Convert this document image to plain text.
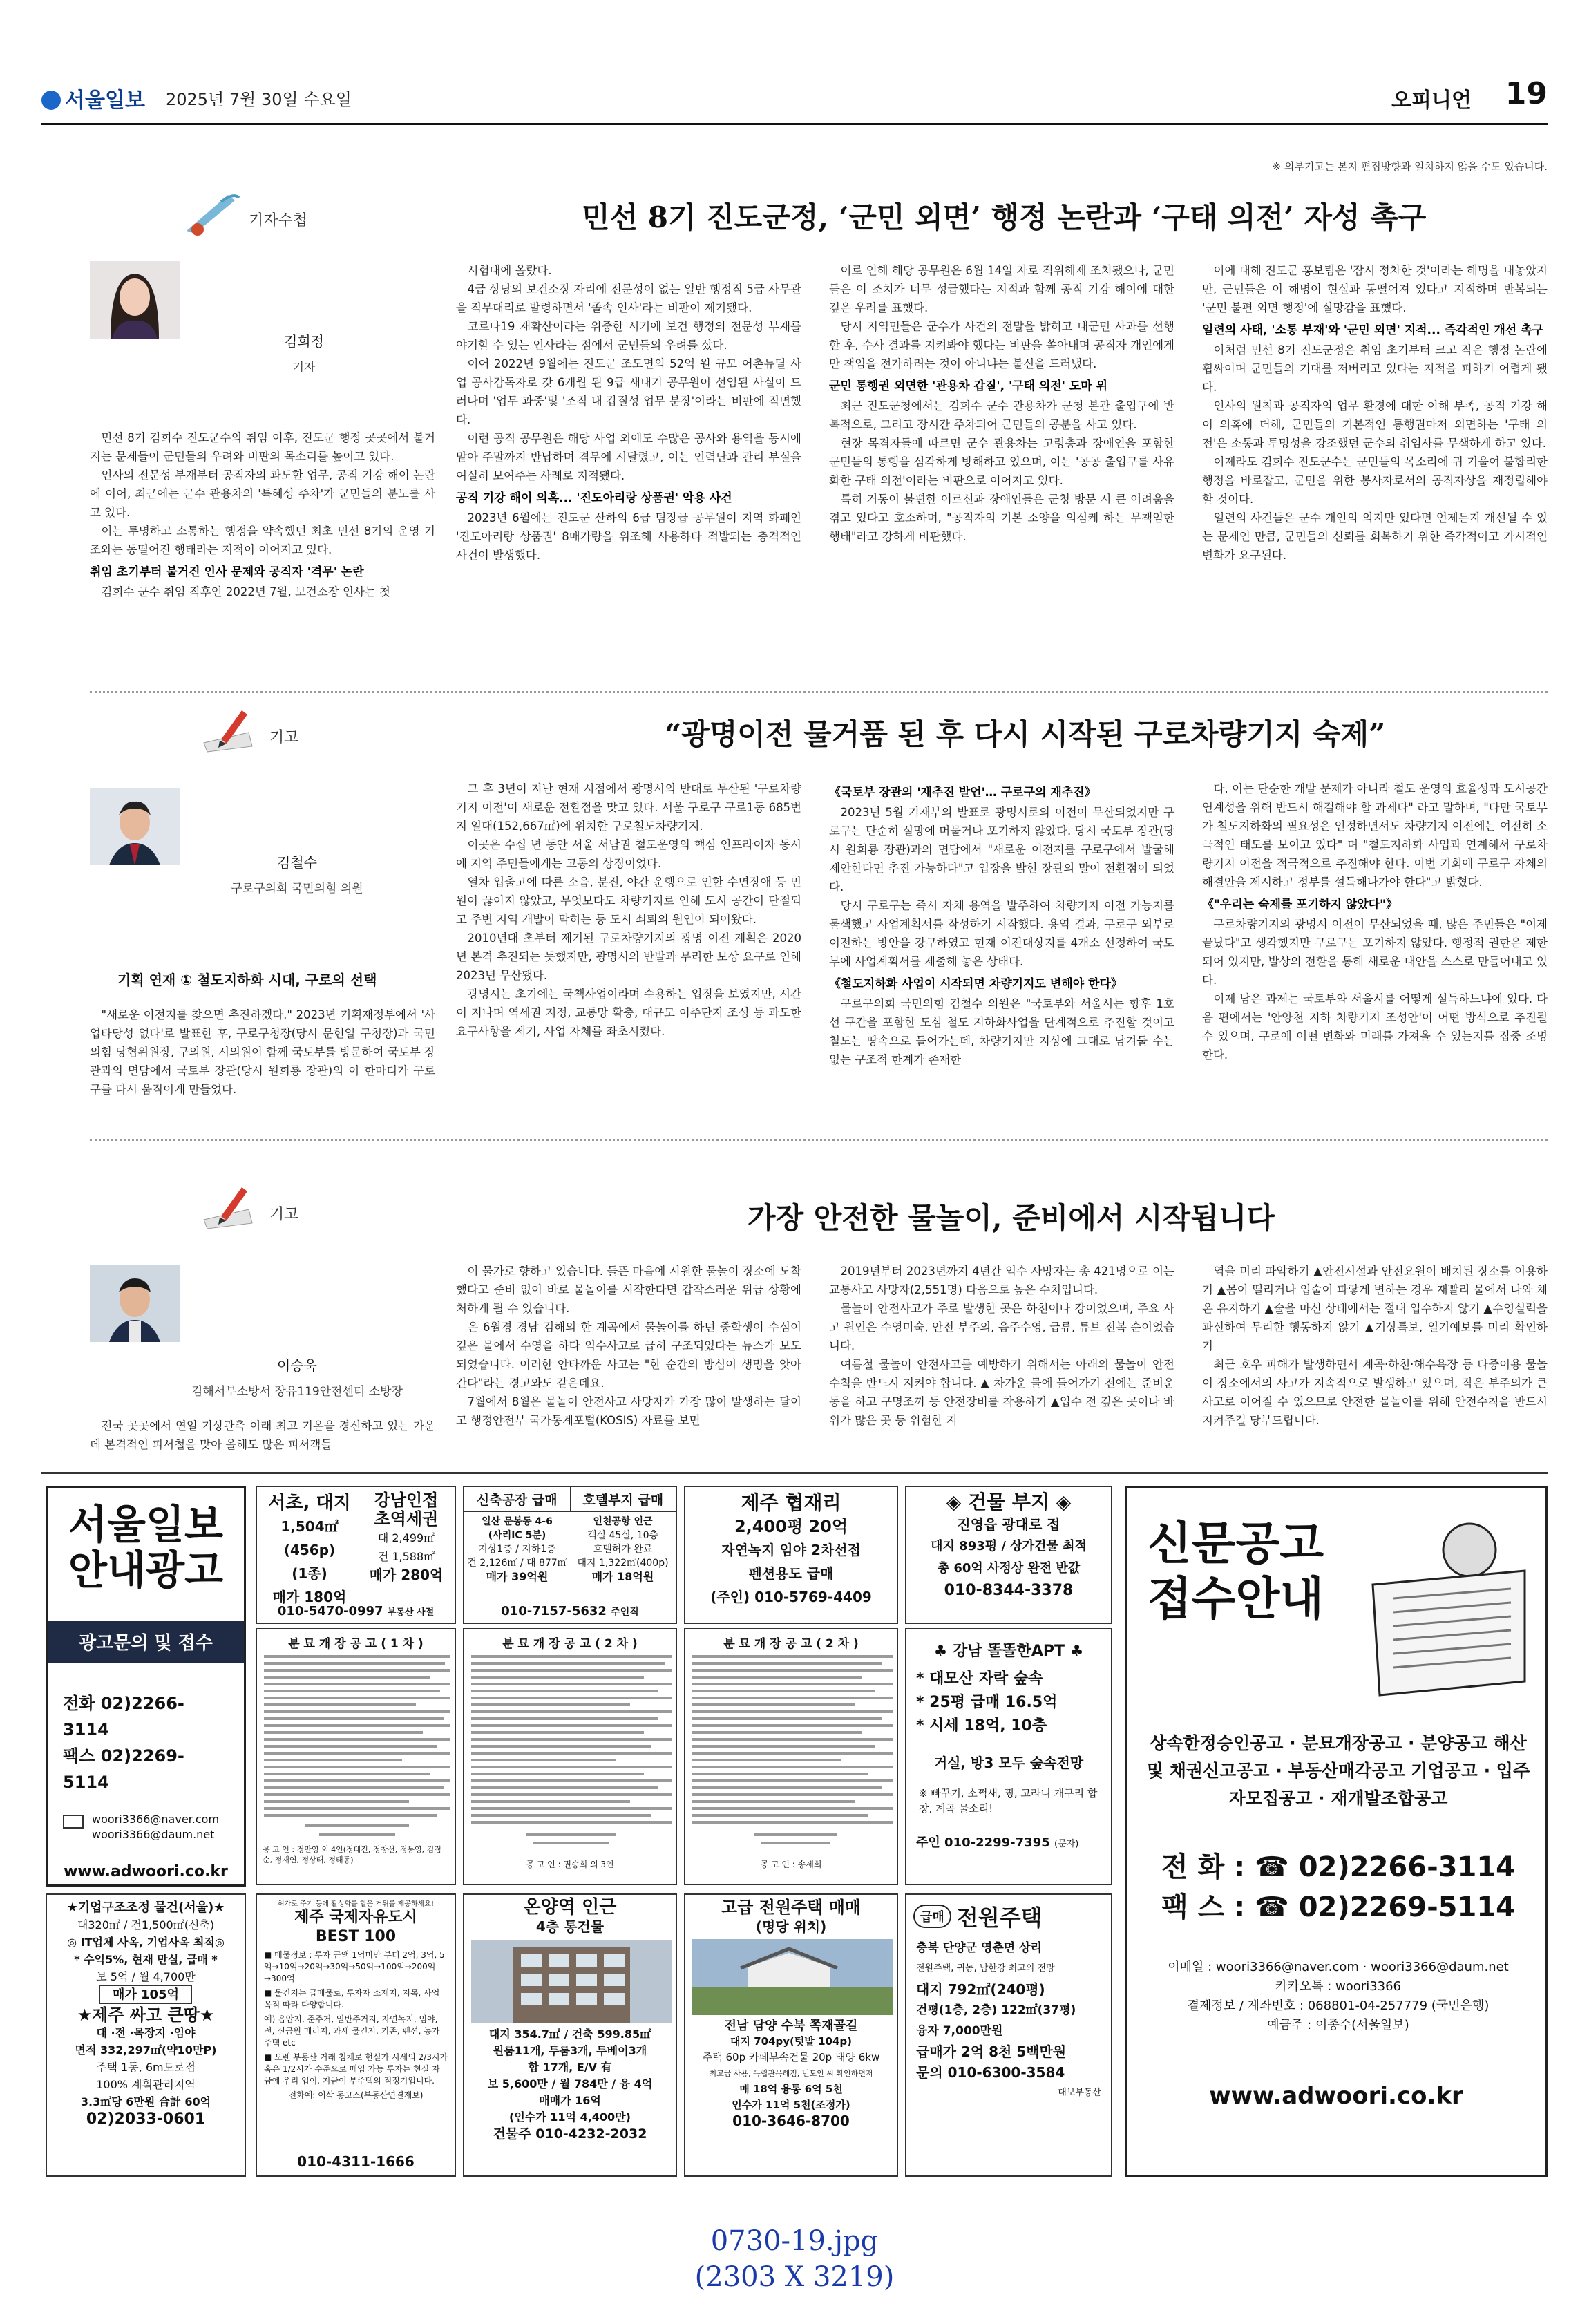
서울일보 2025년 7월 30일 수요일	오피니언 19
※ 외부기고는 본지 편집방향과 일치하지 않을 수도 있습니다.
기자수첩	민선 8기 진도군정, ‘군민 외면’ 행정 논란과 ‘구태 의전’ 자성 촉구
김희정
기자

민선 8기 김희수 진도군수의 취임 이후, 진도군 행정 곳곳에서 불거지는 문제들이 군민들의 우려와 비판의 목소리를 높이고 있다.

인사의 전문성 부재부터 공직자의 과도한 업무, 공직 기강 해이 논란에 이어, 최근에는 군수 관용차의 '특혜성 주차'가 군민들의 분노를 사고 있다.

이는 투명하고 소통하는 행정을 약속했던 최초 민선 8기의 운영 기조와는 동떨어진 행태라는 지적이 이어지고 있다.

취임 초기부터 불거진 인사 문제와 공직자 '격무' 논란

김희수 군수 취임 직후인 2022년 7월, 보건소장 인사는 첫

시험대에 올랐다.

4급 상당의 보건소장 자리에 전문성이 없는 일반 행정직 5급 사무관을 직무대리로 발령하면서 '졸속 인사'라는 비판이 제기됐다.

코로나19 재확산이라는 위중한 시기에 보건 행정의 전문성 부재를 야기할 수 있는 인사라는 점에서 군민들의 우려를 샀다.

이어 2022년 9월에는 진도군 조도면의 52억 원 규모 어촌뉴딜 사업 공사감독자로 갓 6개월 된 9급 새내기 공무원이 선임된 사실이 드러나며 '업무 과중'및 '조직 내 갑질성 업무 분장'이라는 비판에 직면했다.

이런 공직 공무원은 해당 사업 외에도 수많은 공사와 용역을 동시에 맡아 주말까지 반납하며 격무에 시달렸고, 이는 인력난과 관리 부실을 여실히 보여주는 사례로 지적됐다.

공직 기강 해이 의혹... '진도아리랑 상품권' 악용 사건

2023년 6월에는 진도군 산하의 6급 팀장급 공무원이 지역 화폐인 '진도아리랑 상품권' 8매가량을 위조해 사용하다 적발되는 충격적인 사건이 발생했다.

이로 인해 해당 공무원은 6월 14일 자로 직위해제 조치됐으나, 군민들은 이 조치가 너무 성급했다는 지적과 함께 공직 기강 해이에 대한 깊은 우려를 표했다.

당시 지역민들은 군수가 사건의 전말을 밝히고 대군민 사과를 선행한 후, 수사 결과를 지켜봐야 했다는 비판을 쏟아내며 공직자 개인에게만 책임을 전가하려는 것이 아니냐는 불신을 드러냈다.

군민 통행권 외면한 '관용차 갑질', '구태 의전' 도마 위

최근 진도군청에서는 김희수 군수 관용차가 군청 본관 출입구에 반복적으로, 그리고 장시간 주차되어 군민들의 공분을 사고 있다.

현장 목격자들에 따르면 군수 관용차는 고령층과 장애인을 포함한 군민들의 통행을 심각하게 방해하고 있으며, 이는 '공공 출입구를 사유화한 구태 의전'이라는 비판으로 이어지고 있다.

특히 거동이 불편한 어르신과 장애인들은 군청 방문 시 큰 어려움을 겪고 있다고 호소하며, "공직자의 기본 소양을 의심케 하는 무책임한 행태"라고 강하게 비판했다.

이에 대해 진도군 홍보팀은 '잠시 정차한 것'이라는 해명을 내놓았지만, 군민들은 이 해명이 현실과 동떨어져 있다고 지적하며 반복되는 '군민 불편 외면 행정'에 실망감을 표했다.

일련의 사태, '소통 부재'와 '군민 외면' 지적... 즉각적인 개선 촉구

이처럼 민선 8기 진도군정은 취임 초기부터 크고 작은 행정 논란에 휩싸이며 군민들의 기대를 저버리고 있다는 지적을 피하기 어렵게 됐다.

인사의 원칙과 공직자의 업무 환경에 대한 이해 부족, 공직 기강 해이 의혹에 더해, 군민들의 기본적인 통행권마저 외면하는 '구태 의전'은 소통과 투명성을 강조했던 군수의 취임사를 무색하게 하고 있다.

이제라도 김희수 진도군수는 군민들의 목소리에 귀 기울여 불합리한 행정을 바로잡고, 군민을 위한 봉사자로서의 공직자상을 재정립해야 할 것이다.

일련의 사건들은 군수 개인의 의지만 있다면 언제든지 개선될 수 있는 문제인 만큼, 군민들의 신뢰를 회복하기 위한 즉각적이고 가시적인 변화가 요구된다.

기고	“광명이전 물거품 된 후 다시 시작된 구로차량기지 숙제”
김철수
구로구의회 국민의힘 의원
기획 연재 ① 철도지하화 시대, 구로의 선택

"새로운 이전지를 찾으면 추진하겠다." 2023년 기획재정부에서 '사업타당성 없다'로 발표한 후, 구로구청장(당시 문헌일 구청장)과 국민의힘 당협위원장, 구의원, 시의원이 함께 국토부를 방문하여 국토부 장관과의 면담에서 국토부 장관(당시 원희룡 장관)의 이 한마디가 구로구를 다시 움직이게 만들었다.

그 후 3년이 지난 현재 시점에서 광명시의 반대로 무산된 '구로차량기지 이전'이 새로운 전환점을 맞고 있다. 서울 구로구 구로1동 685번지 일대(152,667㎡)에 위치한 구로철도차량기지.

이곳은 수십 년 동안 서울 서남권 철도운영의 핵심 인프라이자 동시에 지역 주민들에게는 고통의 상징이었다.

열차 입출고에 따른 소음, 분진, 야간 운행으로 인한 수면장애 등 민원이 끊이지 않았고, 무엇보다도 차량기지로 인해 도시 공간이 단절되고 주변 지역 개발이 막히는 등 도시 쇠퇴의 원인이 되어왔다.

2010년대 초부터 제기된 구로차량기지의 광명 이전 계획은 2020년 본격 추진되는 듯했지만, 광명시의 반발과 무리한 보상 요구로 인해 2023년 무산됐다.

광명시는 초기에는 국책사업이라며 수용하는 입장을 보였지만, 시간이 지나며 역세권 지정, 교통망 확충, 대규모 이주단지 조성 등 과도한 요구사항을 제기, 사업 자체를 좌초시켰다.

《국토부 장관의 '재추진 발언'… 구로구의 재추진》

2023년 5월 기재부의 발표로 광명시로의 이전이 무산되었지만 구로구는 단순히 실망에 머물거나 포기하지 않았다. 당시 국토부 장관(당시 원희룡 장관)과의 면담에서 "새로운 이전지를 구로구에서 발굴해 제안한다면 추진 가능하다"고 입장을 밝힌 장관의 말이 전환점이 되었다.

당시 구로구는 즉시 자체 용역을 발주하여 차량기지 이전 가능지를 물색했고 사업계획서를 작성하기 시작했다. 용역 결과, 구로구 외부로 이전하는 방안을 강구하였고 현재 이전대상지를 4개소 선정하여 국토부에 사업계획서를 제출해 놓은 상태다.

《철도지하화 사업이 시작되면 차량기지도 변해야 한다》

구로구의회 국민의힘 김철수 의원은 "국토부와 서울시는 향후 1호선 구간을 포함한 도심 철도 지하화사업을 단계적으로 추진할 것이고 철도는 땅속으로 들어가는데, 차량기지만 지상에 그대로 남겨둘 수는 없는 구조적 한계가 존재한

다. 이는 단순한 개발 문제가 아니라 철도 운영의 효율성과 도시공간 연계성을 위해 반드시 해결해야 할 과제다" 라고 말하며, "다만 국토부가 철도지하화의 필요성은 인정하면서도 차량기지 이전에는 여전히 소극적인 태도를 보이고 있다" 며 "철도지하화 사업과 연계해서 구로차량기지 이전을 적극적으로 추진해야 한다. 이번 기회에 구로구 자체의 해결안을 제시하고 정부를 설득해나가야 한다"고 밝혔다.

《"우리는 숙제를 포기하지 않았다"》

구로차량기지의 광명시 이전이 무산되었을 때, 많은 주민들은 "이제 끝났다"고 생각했지만 구로구는 포기하지 않았다. 행정적 권한은 제한되어 있지만, 발상의 전환을 통해 새로운 대안을 스스로 만들어내고 있다.

이제 남은 과제는 국토부와 서울시를 어떻게 설득하느냐에 있다. 다음 편에서는 '안양천 지하 차량기지 조성안'이 어떤 방식으로 추진될 수 있으며, 구로에 어떤 변화와 미래를 가져올 수 있는지를 집중 조명한다.

기고	가장 안전한 물놀이, 준비에서 시작됩니다
이승욱
김해서부소방서 장유119안전센터 소방장

전국 곳곳에서 연일 기상관측 이래 최고 기온을 경신하고 있는 가운데 본격적인 피서철을 맞아 올해도 많은 피서객들

이 물가로 향하고 있습니다. 들뜬 마음에 시원한 물놀이 장소에 도착했다고 준비 없이 바로 물놀이를 시작한다면 갑작스러운 위급 상황에 처하게 될 수 있습니다.

온 6월경 경남 김해의 한 계곡에서 물놀이를 하던 중학생이 수심이 깊은 물에서 수영을 하다 익수사고로 급히 구조되었다는 뉴스가 보도되었습니다. 이러한 안타까운 사고는 "한 순간의 방심이 생명을 앗아간다"라는 경고와도 같은데요.

7월에서 8월은 물놀이 안전사고 사망자가 가장 많이 발생하는 달이고 행정안전부 국가통계포털(KOSIS) 자료를 보면

2019년부터 2023년까지 4년간 익수 사망자는 총 421명으로 이는 교통사고 사망자(2,551명) 다음으로 높은 수치입니다.

물놀이 안전사고가 주로 발생한 곳은 하천이나 강이었으며, 주요 사고 원인은 수영미숙, 안전 부주의, 음주수영, 급류, 튜브 전복 순이었습니다.

여름철 물놀이 안전사고를 예방하기 위해서는 아래의 물놀이 안전 수칙을 반드시 지켜야 합니다. ▲ 차가운 물에 들어가기 전에는 준비운동을 하고 구명조끼 등 안전장비를 착용하기 ▲입수 전 깊은 곳이나 바위가 많은 곳 등 위험한 지

역을 미리 파악하기 ▲안전시설과 안전요원이 배치된 장소를 이용하기 ▲몸이 떨리거나 입술이 파랗게 변하는 경우 재빨리 물에서 나와 체온 유지하기 ▲술을 마신 상태에서는 절대 입수하지 않기 ▲수영실력을 과신하여 무리한 행동하지 않기 ▲기상특보, 일기예보를 미리 확인하기

최근 호우 피해가 발생하면서 계곡·하천·해수욕장 등 다중이용 물놀이 장소에서의 사고가 지속적으로 발생하고 있으며, 작은 부주의가 큰 사고로 이어질 수 있으므로 안전한 물놀이를 위해 안전수칙을 반드시 지켜주길 당부드립니다.

서울일보
안내광고
광고문의 및 접수
전화 02)2266-3114
팩스 02)2269-5114
woori3366@naver.com
woori3366@daum.net
www.adwoori.co.kr
서초, 대지
1,504㎡ (456p)
(1종)
매가 180억
강남인접
초역세권
대 2,499㎡
건 1,588㎡
매가 280억
010-5470-0997 부동산 사절
신축공장 급매	호텔부지 급매
일산 문봉동 4-6
(사리IC 5분)
지상1층 / 지하1층
건 2,126㎡ / 대 877㎡
매가 39억원
인천공항 인근
객실 45실, 10층
호텔허가 완료
대지 1,322㎡(400p)
매가 18억원
010-7157-5632 주인직
제주 협재리
2,400평 20억
자연녹지 임야 2차선접
펜션용도 급매
(주인) 010-5769-4409
◈ 건물 부지 ◈
진영읍 광대로 접
대지 893평 / 상가건물 최적
총 60억 사정상 완전 반값
010-8344-3378
분 묘 개 장 공 고 ( 1 차 )
공 고 인 : 정만영 외 4인(정태진, 정창선, 정동영, 김점순, 정재연, 정상태, 정태동)
분 묘 개 장 공 고 ( 2 차 )
공 고 인 : 권승희 외 3인
분 묘 개 장 공 고 ( 2 차 )
공 고 인 : 송세희
♣ 강남 똘똘한APT ♣
* 대모산 자락 숲속
* 25평 급매 16.5억
* 시세 18억, 10층
거실, 방3 모두 숲속전망
※ 빠꾸기, 소쩍새, 꿩, 고라니 개구리 합창, 계곡 물소리!
주인 010-2299-7395 (문자)
신문공고
접수안내
상속한정승인공고 · 분묘개장공고 · 분양공고 해산 및 채권신고공고 · 부동산매각공고 기업공고 · 입주자모집공고 · 재개발조합공고
전 화 : ☎ 02)2266-3114
팩 스 : ☎ 02)2269-5114
이메일 : woori3366@naver.com · woori3366@daum.net
카카오톡 : woori3366
결제정보 / 계좌번호 : 068801-04-257779 (국민은행)
예금주 : 이종수(서울일보)
www.adwoori.co.kr
★기업구조조정 물건(서울)★
대320㎡ / 건1,500㎡(신축)
◎ IT업체 사옥, 기업사옥 최적◎
* 수익5%, 현재 만실, 급매 *
보 5억 / 월 4,700만
매가 105억
★제주 싸고 큰땅★
대 ·전 ·목장지 ·임야
면적 332,297㎡(약10만P)
주택 1동, 6m도로접
100% 계획관리지역
3.3㎡당 6만원 合計 60억
02)2033-0601
허가로 주기 등에 활성화를 할은 거위를 제공하세요!
제주 국제자유도시
BEST 100
■ 매물정보 : 투자 금액 1억미만 부터 2억, 3억, 5억→10억→20억→30억→50억→100억→200억→300억
■ 물건지는 급매물로, 투자자 소재지, 지목, 사업 목적 따라 다양합니다.
예) 읍압지, 준주거, 일반주거지, 자연녹지, 임야, 전, 신금원 메리지, 과세 물건지, 기존, 펜션, 농가주택 etc
■ 오렌 부동산 거래 침체로 현실가 시세의 2/3시가 혹은 1/2시가 수준으로 매입 가능 투자는 현실 자금에 우리 업이, 지금이 부주택의 적정기입니다.
전화예: 이삭 동고스(부동산연결재보)
010-4311-1666
온양역 인근
4층 통건물
대지 354.7㎡ / 건축 599.85㎡
원룸11개, 투룸3개, 투베이3개
합 17개, E/V 有
보 5,600만 / 월 784만 / 융 4억
매매가 16억
(인수가 11억 4,400만)
건물주 010-4232-2032
고급 전원주택 매매
(명당 위치)
전남 담양 수북 쪽재골길
대지 704py(텃밭 104p)
주택 60p 카페부속건물 20p 태양 6kw
최고급 사용, 독립관목해점, 빈도인 씨 확인하면저
매 18억 융통 6억 5천
인수가 11억 5천(조정가)
010-3646-8700
급매 전원주택
충북 단양군 영춘면 상리
전원주택, 귀농, 남한강 최고의 전망
대지 792㎡(240평)
건평(1층, 2층) 122㎡(37평)
융자 7,000만원
급매가 2억 8천 5백만원
문의 010-6300-3584
대보부동산
0730-19.jpg
(2303 X 3219)
